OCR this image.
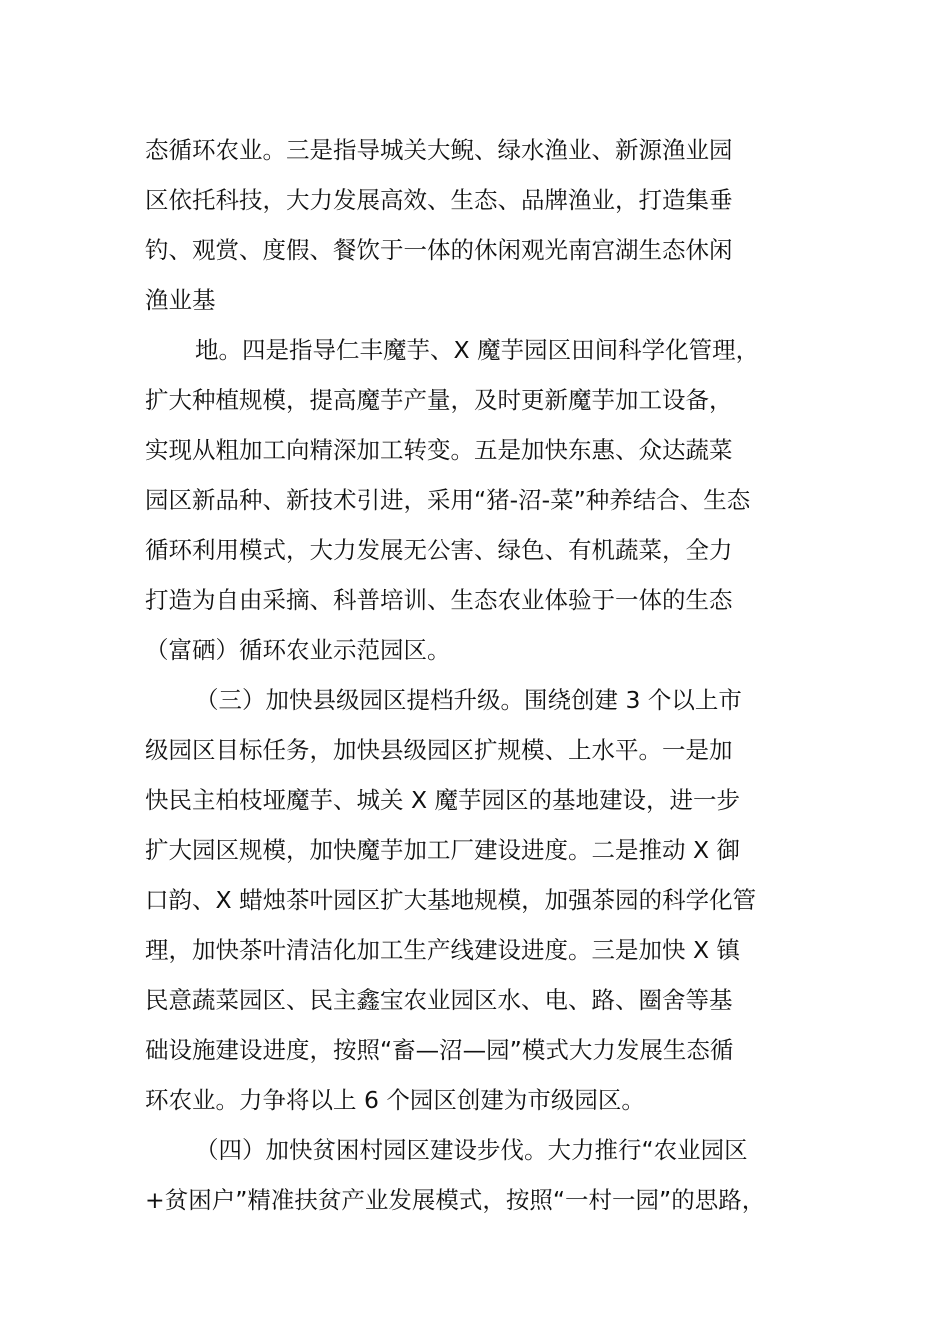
态循环农业。三是指导城关大鲵、绿水渔业、新源渔业园
区依托科技，大力发展高效、生态、品牌渔业，打造集垂
钓、观赏、度假、餐饮于一体的休闲观光南宫湖生态休闲
渔业基
地。四是指导仁丰魔芋、X 魔芋园区田间科学化管理，
扩大种植规模，提高魔芋产量，及时更新魔芋加工设备，
实现从粗加工向精深加工转变。五是加快东惠、众达蔬菜
园区新品种、新技术引进，采用“猪-沼-菜”种养结合、生态
循环利用模式，大力发展无公害、绿色、有机蔬菜，全力
打造为自由采摘、科普培训、生态农业体验于一体的生态
（富硒）循环农业示范园区。
（三）加快县级园区提档升级。围绕创建 3 个以上市
级园区目标任务，加快县级园区扩规模、上水平。一是加
快民主柏枝垭魔芋、城关 X 魔芋园区的基地建设，进一步
扩大园区规模，加快魔芋加工厂建设进度。二是推动 X 御
口韵、X 蜡烛茶叶园区扩大基地规模，加强茶园的科学化管
理，加快茶叶清洁化加工生产线建设进度。三是加快 X 镇
民意蔬菜园区、民主鑫宝农业园区水、电、路、圈舍等基
础设施建设进度，按照“畜—沼—园”模式大力发展生态循
环农业。力争将以上 6 个园区创建为市级园区。
（四）加快贫困村园区建设步伐。大力推行“农业园区
+贫困户”精准扶贫产业发展模式，按照“一村一园”的思路，
